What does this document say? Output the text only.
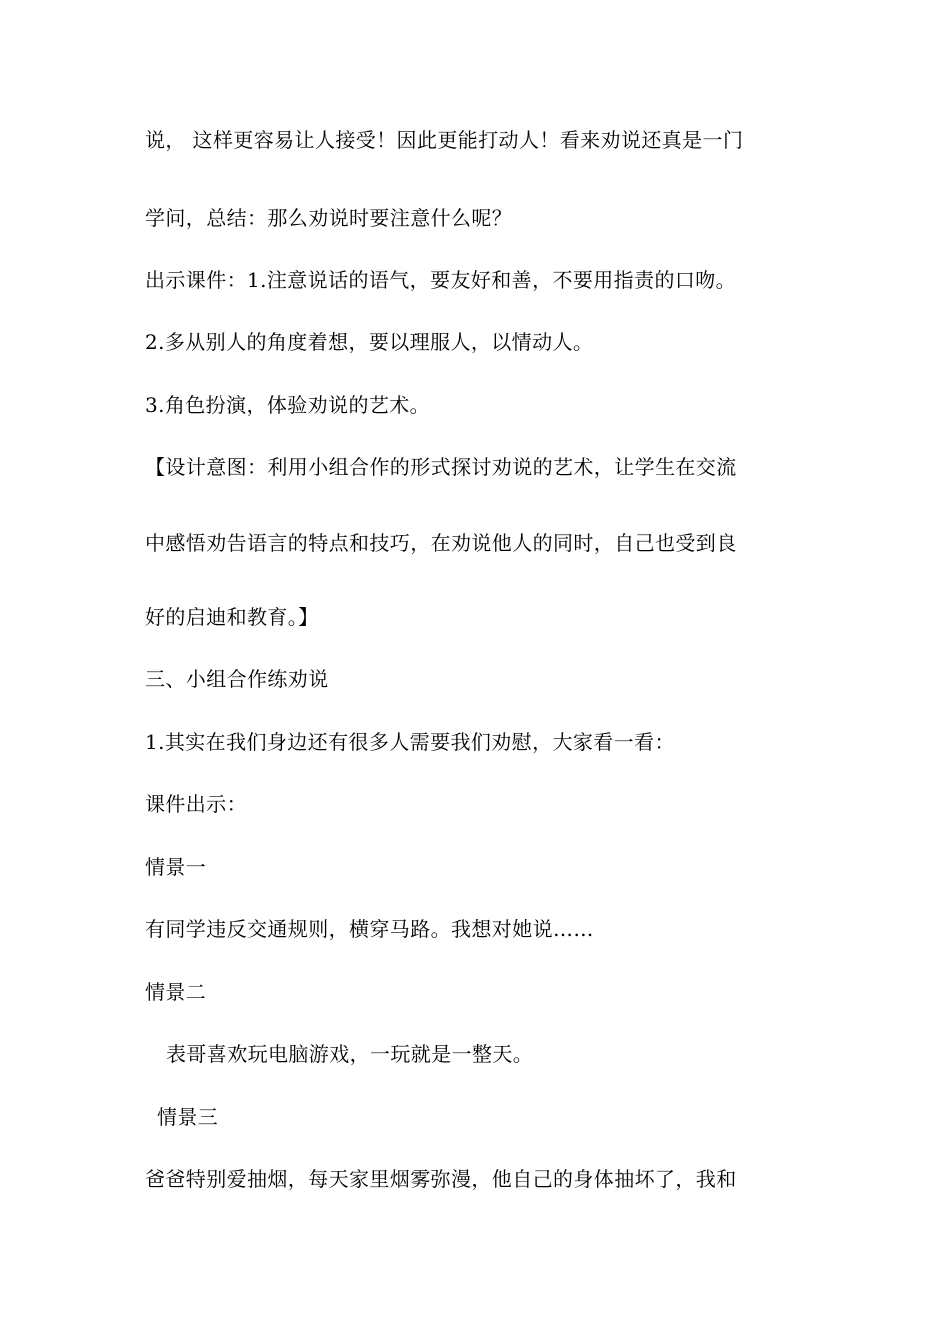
说， 这样更容易让人接受！因此更能打动人！看来劝说还真是一门
学问，总结：那么劝说时要注意什么呢？
出示课件：1.注意说话的语气，要友好和善，不要用指责的口吻。
2.多从别人的角度着想，要以理服人，以情动人。
3.角色扮演，体验劝说的艺术。
【设计意图：利用小组合作的形式探讨劝说的艺术，让学生在交流
中感悟劝告语言的特点和技巧，在劝说他人的同时，自己也受到良
好的启迪和教育。】
三、小组合作练劝说
1.其实在我们身边还有很多人需要我们劝慰，大家看一看：
课件出示：
情景一
有同学违反交通规则，横穿马路。我想对她说……
情景二
表哥喜欢玩电脑游戏，一玩就是一整天。
情景三
爸爸特别爱抽烟，每天家里烟雾弥漫，他自己的身体抽坏了，我和
